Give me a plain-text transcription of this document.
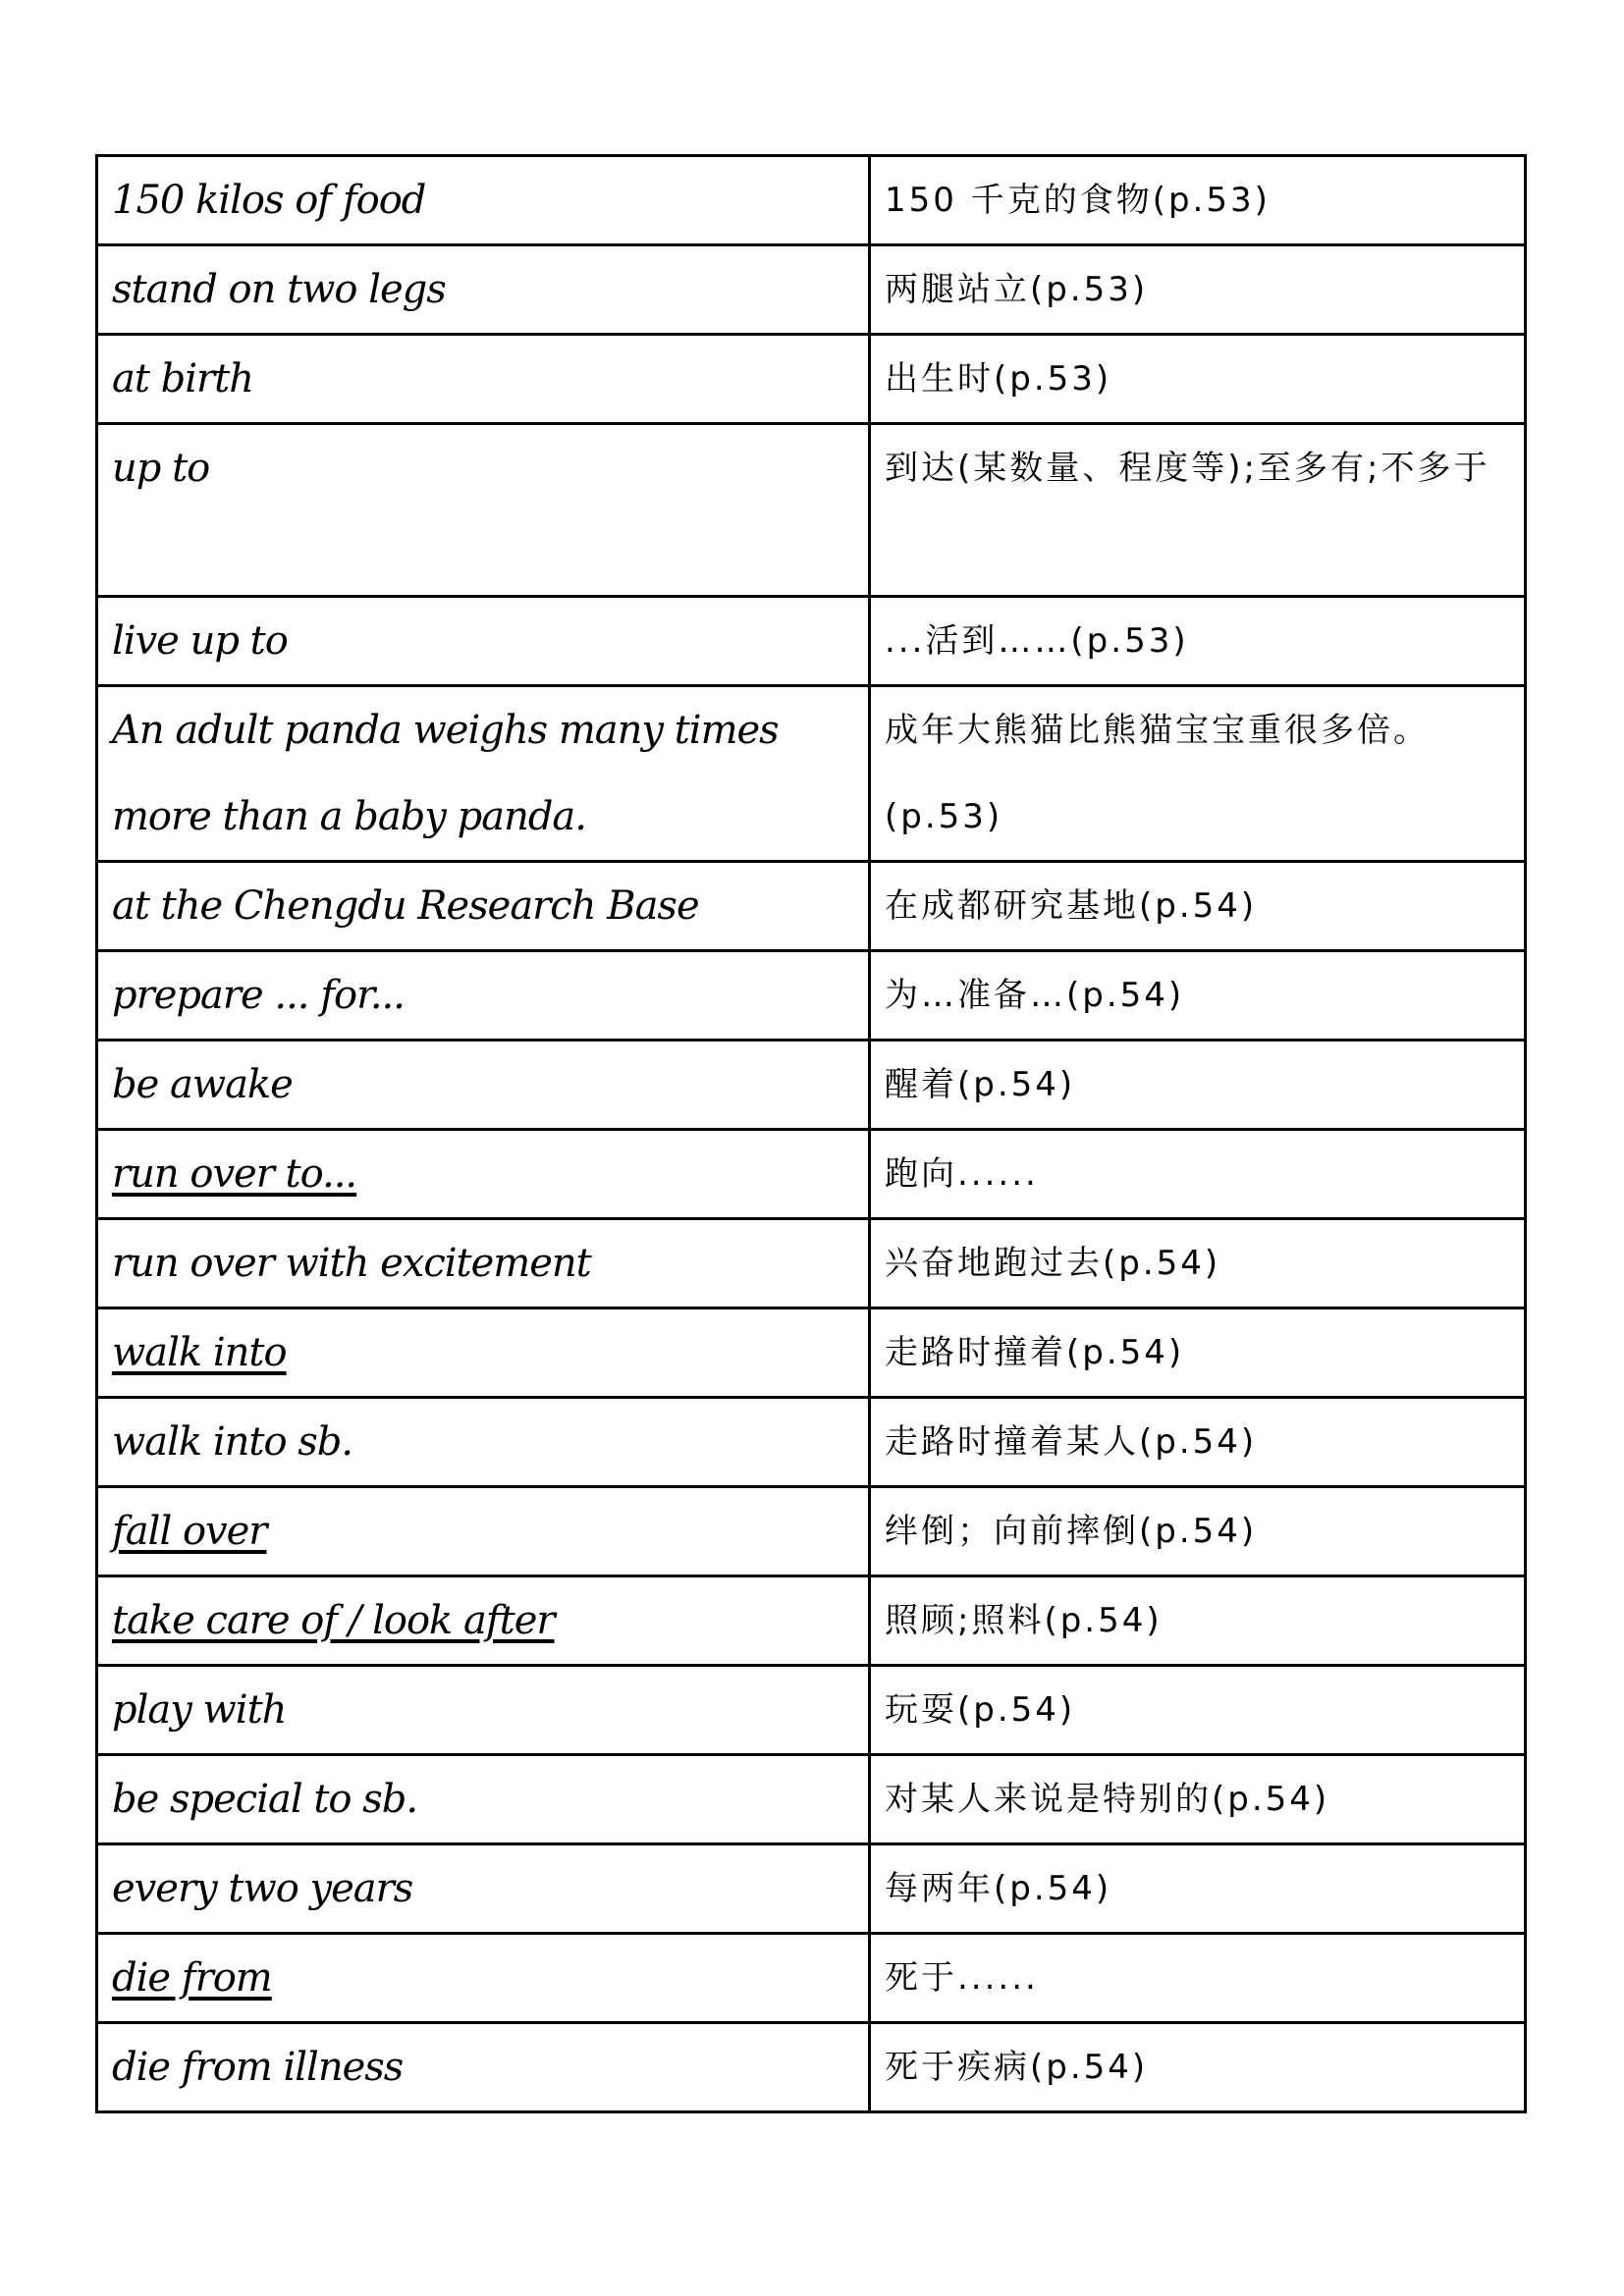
150 kilos of food	150 千克的食物(p.53)
stand on two legs	两腿站立(p.53)
at birth	出生时(p.53)
up to	到达(某数量、程度等);至多有;不多于
live up to	...活到……(p.53)
An adult panda weighs many times more than a baby panda.	成年大熊猫比熊猫宝宝重很多倍。(p.53)
at the Chengdu Research Base	在成都研究基地(p.54)
prepare ... for...	为…准备…(p.54)
be awake	醒着(p.54)
run over to...	跑向......
run over with excitement	兴奋地跑过去(p.54)
walk into	走路时撞着(p.54)
walk into sb.	走路时撞着某人(p.54)
fall over	绊倒；向前摔倒(p.54)
take care of / look after	照顾;照料(p.54)
play with	玩耍(p.54)
be special to sb.	对某人来说是特别的(p.54)
every two years	每两年(p.54)
die from	死于......
die from illness	死于疾病(p.54)
